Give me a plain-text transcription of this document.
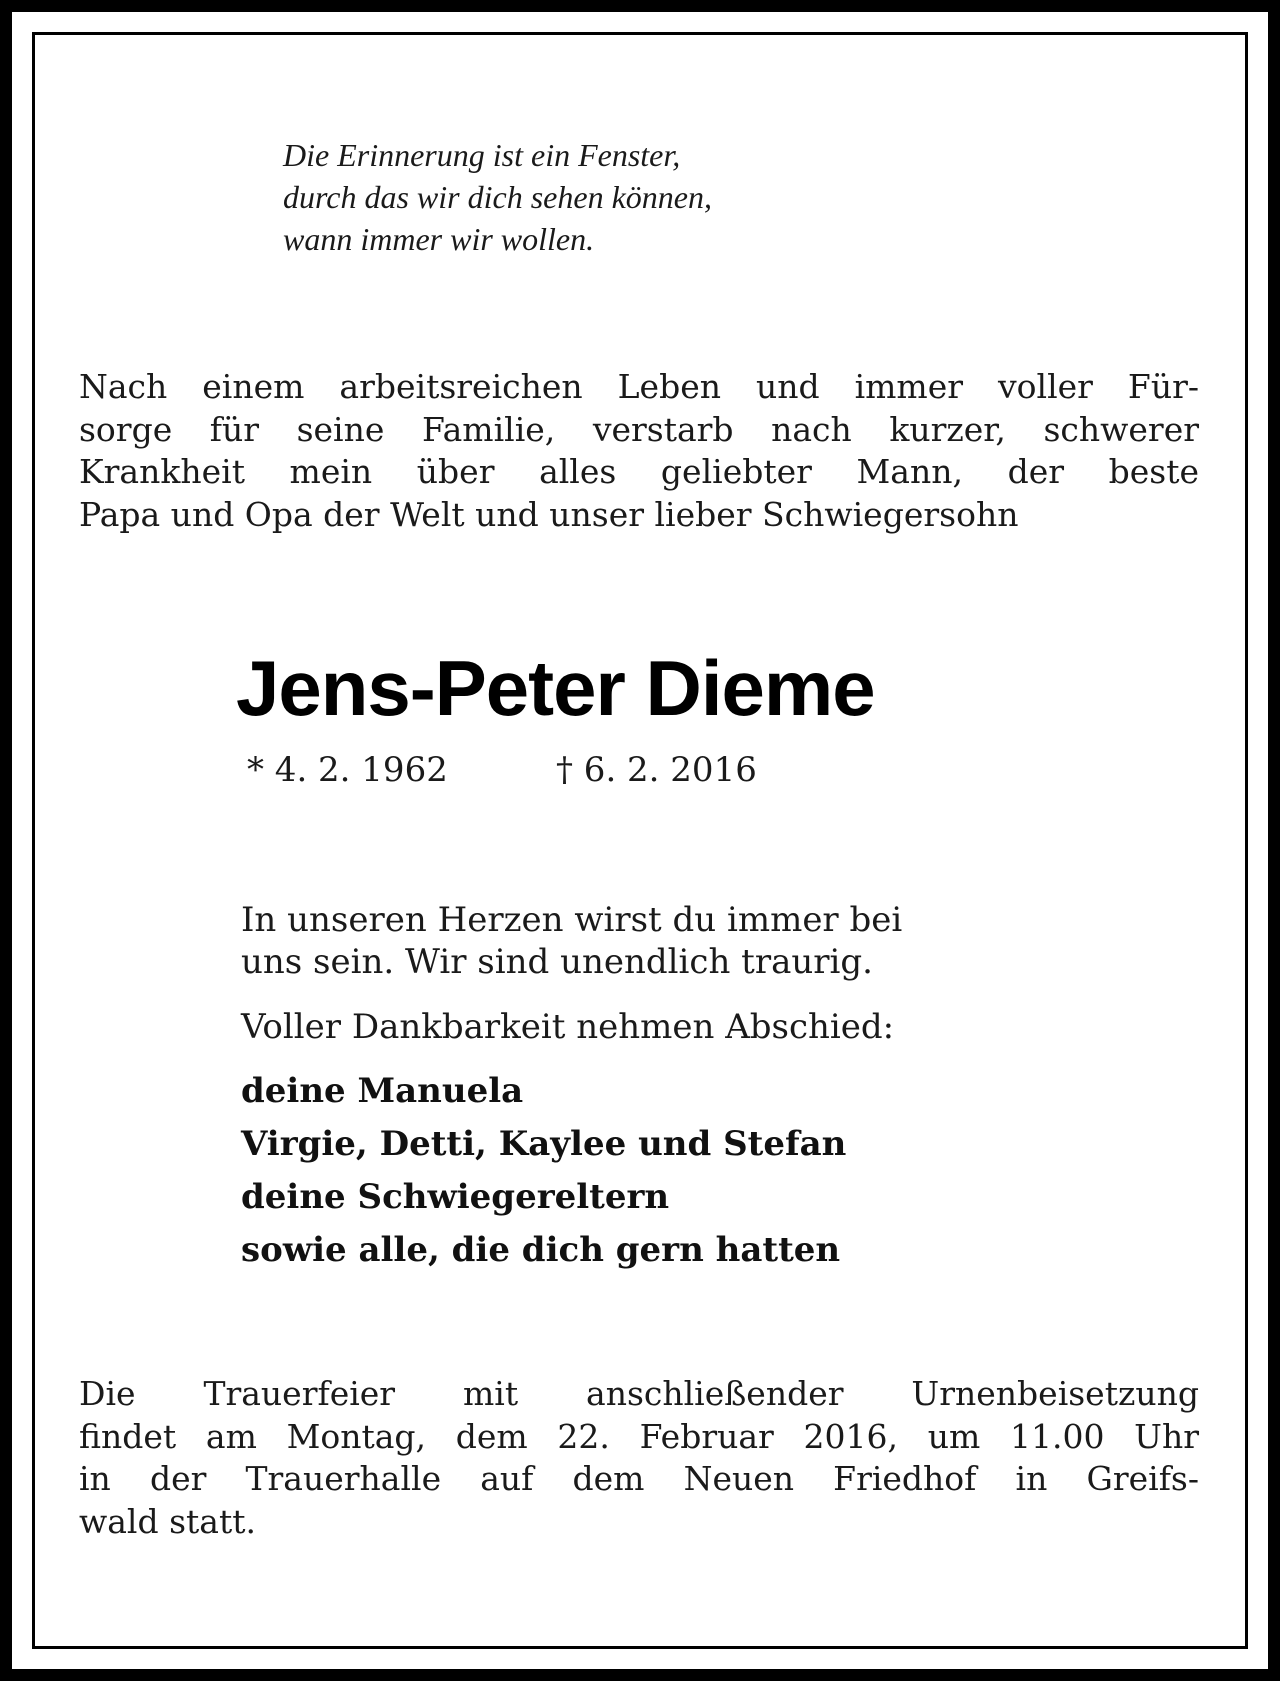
Die Erinnerung ist ein Fenster,
durch das wir dich sehen können,
wann immer wir wollen.
Nach einem arbeitsreichen Leben und immer voller Für-
sorge für seine Familie, verstarb nach kurzer, schwerer
Krankheit mein über alles geliebter Mann, der beste
Papa und Opa der Welt und unser lieber Schwiegersohn
Jens-Peter Dieme
* 4. 2. 1962	† 6. 2. 2016
In unseren Herzen wirst du immer bei
uns sein. Wir sind unendlich traurig.
Voller Dankbarkeit nehmen Abschied:
deine Manuela
Virgie, Detti, Kaylee und Stefan
deine Schwiegereltern
sowie alle, die dich gern hatten
Die Trauerfeier mit anschließender Urnenbeisetzung
findet am Montag, dem 22. Februar 2016, um 11.00 Uhr
in der Trauerhalle auf dem Neuen Friedhof in Greifs-
wald statt.
